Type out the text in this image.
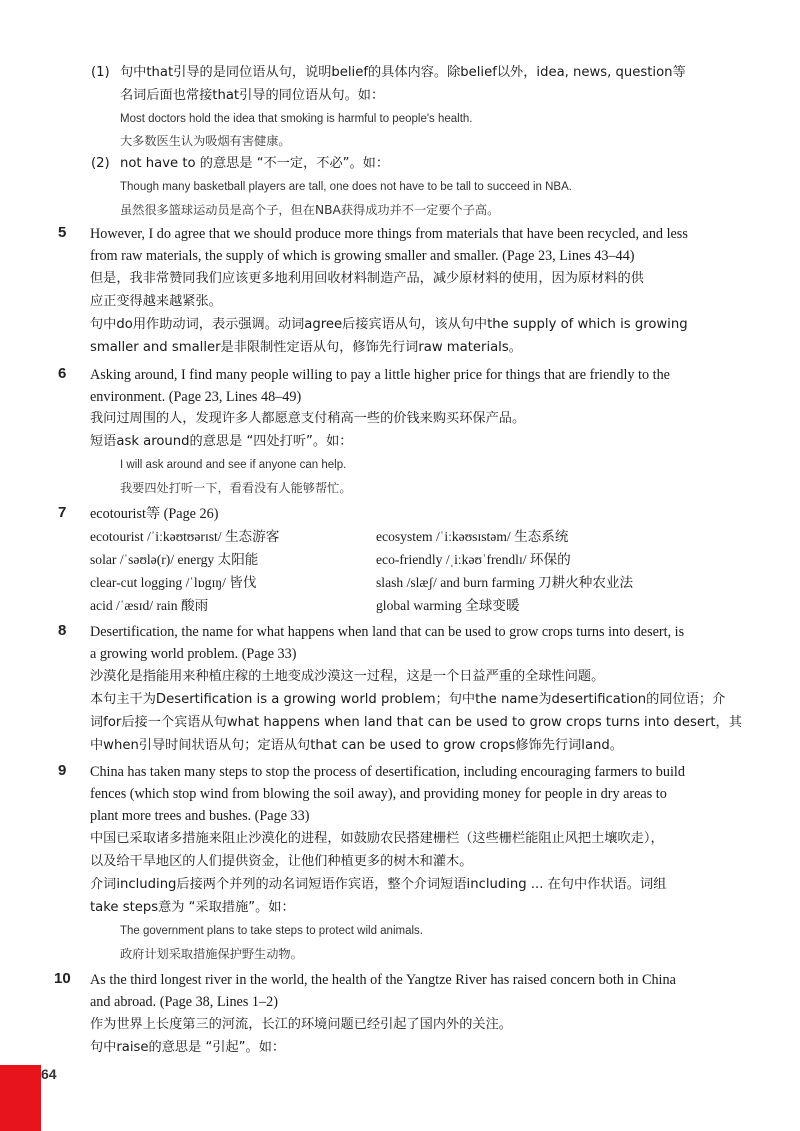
(1) 句中that引导的是同位语从句，说明belief的具体内容。除belief以外，idea, news, question等
名词后面也常接that引导的同位语从句。如：
Most doctors hold the idea that smoking is harmful to people's health.
大多数医生认为吸烟有害健康。
(2) not have to 的意思是 “不一定，不必”。如：
Though many basketball players are tall, one does not have to be tall to succeed in NBA.
虽然很多篮球运动员是高个子，但在NBA获得成功并不一定要个子高。
5 However, I do agree that we should produce more things from materials that have been recycled, and less
from raw materials, the supply of which is growing smaller and smaller. (Page 23, Lines 43–44)
但是，我非常赞同我们应该更多地利用回收材料制造产品，减少原材料的使用，因为原材料的供
应正变得越来越紧张。
句中do用作助动词，表示强调。动词agree后接宾语从句，该从句中the supply of which is growing
smaller and smaller是非限制性定语从句，修饰先行词raw materials。
6 Asking around, I find many people willing to pay a little higher price for things that are friendly to the
environment. (Page 23, Lines 48–49)
我问过周围的人，发现许多人都愿意支付稍高一些的价钱来购买环保产品。
短语ask around的意思是 “四处打听”。如：
I will ask around and see if anyone can help.
我要四处打听一下，看看没有人能够帮忙。
7 ecotourist等 (Page 26)
ecotourist /ˈiːkəʊtʊərɪst/ 生态游客	ecosystem /ˈiːkəʊsɪstəm/ 生态系统
solar /ˈsəʊlə(r)/ energy 太阳能	eco-friendly /ˌiːkəʊˈfrendlɪ/ 环保的
clear-cut logging /ˈlɒgɪŋ/ 皆伐	slash /slæʃ/ and burn farming 刀耕火种农业法
acid /ˈæsɪd/ rain 酸雨	global warming 全球变暖
8 Desertification, the name for what happens when land that can be used to grow crops turns into desert, is
a growing world problem. (Page 33)
沙漠化是指能用来种植庄稼的土地变成沙漠这一过程，这是一个日益严重的全球性问题。
本句主干为Desertification is a growing world problem；句中the name为desertification的同位语；介
词for后接一个宾语从句what happens when land that can be used to grow crops turns into desert，其
中when引导时间状语从句；定语从句that can be used to grow crops修饰先行词land。
9 China has taken many steps to stop the process of desertification, including encouraging farmers to build
fences (which stop wind from blowing the soil away), and providing money for people in dry areas to
plant more trees and bushes. (Page 33)
中国已采取诸多措施来阻止沙漠化的进程，如鼓励农民搭建栅栏（这些栅栏能阻止风把土壤吹走），
以及给干旱地区的人们提供资金，让他们种植更多的树木和灌木。
介词including后接两个并列的动名词短语作宾语，整个介词短语including ... 在句中作状语。词组
take steps意为 “采取措施”。如：
The government plans to take steps to protect wild animals.
政府计划采取措施保护野生动物。
10 As the third longest river in the world, the health of the Yangtze River has raised concern both in China
and abroad. (Page 38, Lines 1–2)
作为世界上长度第三的河流，长江的环境问题已经引起了国内外的关注。
句中raise的意思是 “引起”。如：
64
